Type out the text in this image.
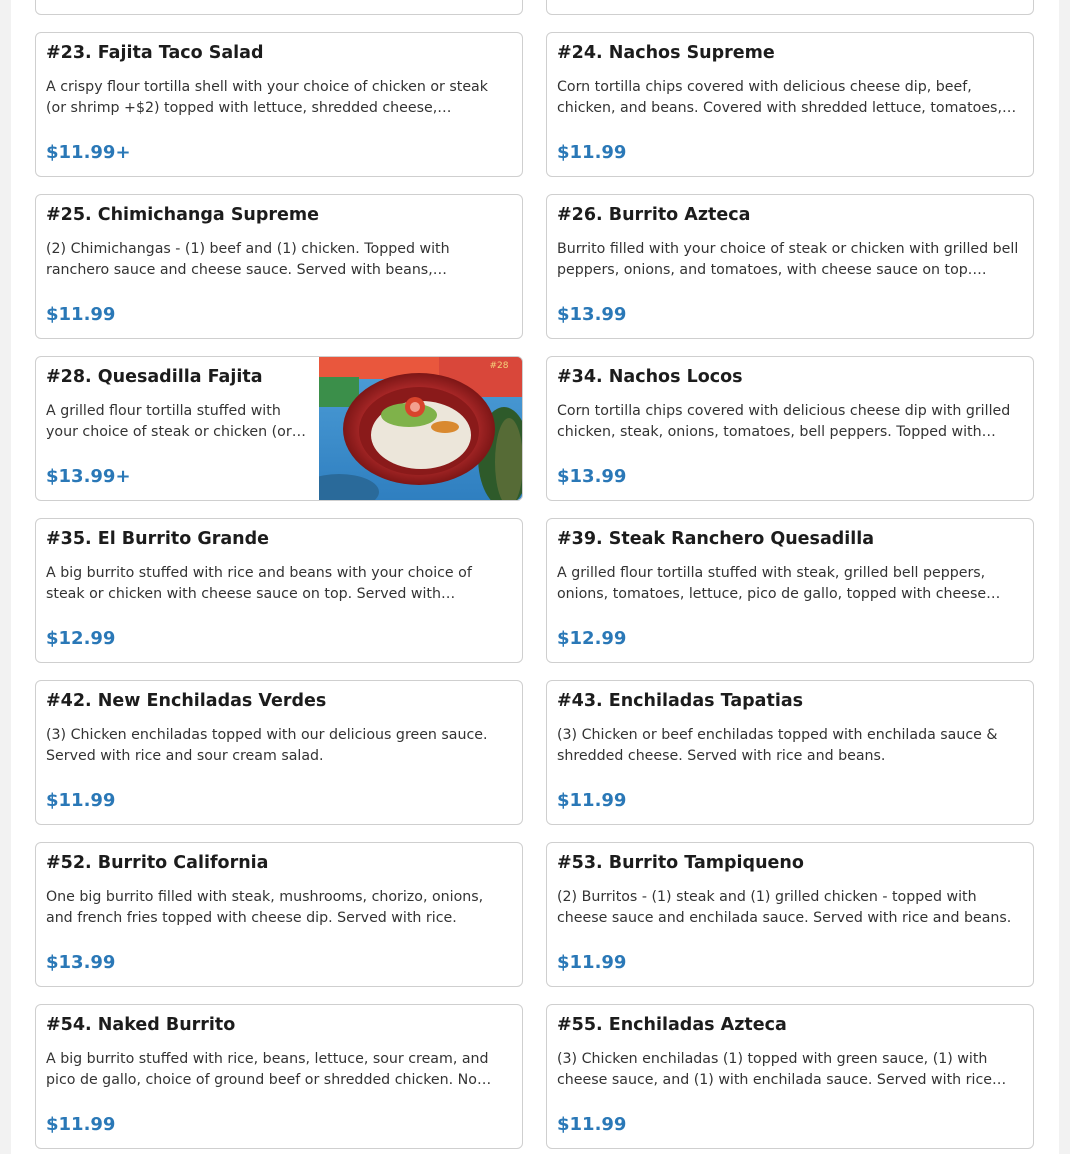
#23. Fajita Taco Salad
A crispy flour tortilla shell with your choice of chicken or steak (or shrimp +$2) topped with lettuce, shredded cheese,
$11.99+
#24. Nachos Supreme
Corn tortilla chips covered with delicious cheese dip, beef, chicken, and beans. Covered with shredded lettuce, tomatoes,
$11.99
#25. Chimichanga Supreme
(2) Chimichangas - (1) beef and (1) chicken. Topped with ranchero sauce and cheese sauce. Served with beans,
$11.99
#26. Burrito Azteca
Burrito filled with your choice of steak or chicken with grilled bell peppers, onions, and tomatoes, with cheese sauce on top.
$13.99
#28. Quesadilla Fajita
A grilled flour tortilla stuffed with your choice of steak or chicken (or
$13.99+
#28
#34. Nachos Locos
Corn tortilla chips covered with delicious cheese dip with grilled chicken, steak, onions, tomatoes, bell peppers. Topped with
$13.99
#35. El Burrito Grande
A big burrito stuffed with rice and beans with your choice of steak or chicken with cheese sauce on top. Served with
$12.99
#39. Steak Ranchero Quesadilla
A grilled flour tortilla stuffed with steak, grilled bell peppers, onions, tomatoes, lettuce, pico de gallo, topped with cheese
$12.99
#42. New Enchiladas Verdes
(3) Chicken enchiladas topped with our delicious green sauce. Served with rice and sour cream salad.
$11.99
#43. Enchiladas Tapatias
(3) Chicken or beef enchiladas topped with enchilada sauce & shredded cheese. Served with rice and beans.
$11.99
#52. Burrito California
One big burrito filled with steak, mushrooms, chorizo, onions, and french fries topped with cheese dip. Served with rice.
$13.99
#53. Burrito Tampiqueno
(2) Burritos - (1) steak and (1) grilled chicken - topped with cheese sauce and enchilada sauce. Served with rice and beans.
$11.99
#54. Naked Burrito
A big burrito stuffed with rice, beans, lettuce, sour cream, and pico de gallo, choice of ground beef or shredded chicken. No
$11.99
#55. Enchiladas Azteca
(3) Chicken enchiladas (1) topped with green sauce, (1) with cheese sauce, and (1) with enchilada sauce. Served with rice
$11.99
